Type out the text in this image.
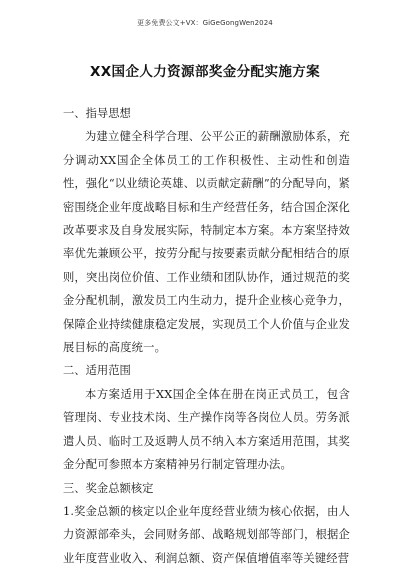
更多免费公文+VX：GiGeGongWen2024
XX国企人力资源部奖金分配实施方案

一、指导思想

为建立健全科学合理、公平公正的薪酬激励体系，充分调动XX国企全体员工的工作积极性、主动性和创造性，强化“以业绩论英雄、以贡献定薪酬”的分配导向，紧密围绕企业年度战略目标和生产经营任务，结合国企深化改革要求及自身发展实际，特制定本方案。本方案坚持效率优先兼顾公平，按劳分配与按要素贡献分配相结合的原则，突出岗位价值、工作业绩和团队协作，通过规范的奖金分配机制，激发员工内生动力，提升企业核心竞争力，保障企业持续健康稳定发展，实现员工个人价值与企业发展目标的高度统一。

二、适用范围

本方案适用于XX国企全体在册在岗正式员工，包含管理岗、专业技术岗、生产操作岗等各岗位人员。劳务派遣人员、临时工及返聘人员不纳入本方案适用范围，其奖金分配可参照本方案精神另行制定管理办法。

三、奖金总额核定

1.奖金总额的核定以企业年度经营业绩为核心依据，由人力资源部牵头，会同财务部、战略规划部等部门，根据企业年度营业收入、利润总额、资产保值增值率等关键经营
